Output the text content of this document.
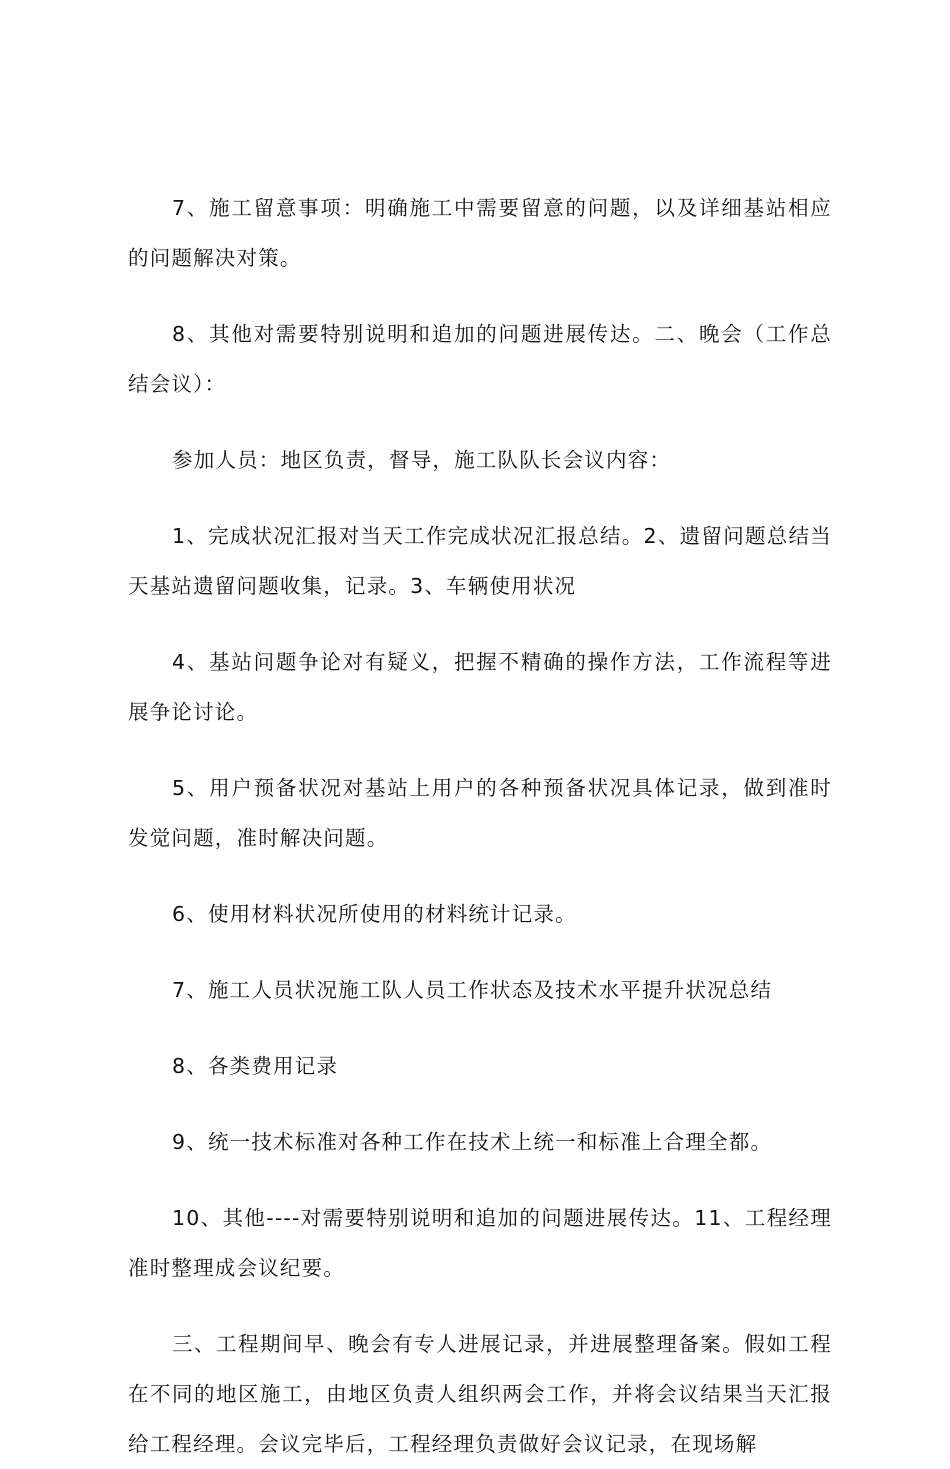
7、施工留意事项：明确施工中需要留意的问题，以及详细基站相应的问题解决对策。

8、其他对需要特别说明和追加的问题进展传达。二、晚会（工作总结会议）：

参加人员：地区负责，督导，施工队队长会议内容：

1、完成状况汇报对当天工作完成状况汇报总结。2、遗留问题总结当天基站遗留问题收集，记录。3、车辆使用状况

4、基站问题争论对有疑义，把握不精确的操作方法，工作流程等进展争论讨论。

5、用户预备状况对基站上用户的各种预备状况具体记录，做到准时发觉问题，准时解决问题。

6、使用材料状况所使用的材料统计记录。

7、施工人员状况施工队人员工作状态及技术水平提升状况总结

8、各类费用记录

9、统一技术标准对各种工作在技术上统一和标准上合理全都。

10、其他----对需要特别说明和追加的问题进展传达。11、工程经理准时整理成会议纪要。

三、工程期间早、晚会有专人进展记录，并进展整理备案。假如工程在不同的地区施工，由地区负责人组织两会工作，并将会议结果当天汇报给工程经理。会议完毕后，工程经理负责做好会议记录，在现场解
